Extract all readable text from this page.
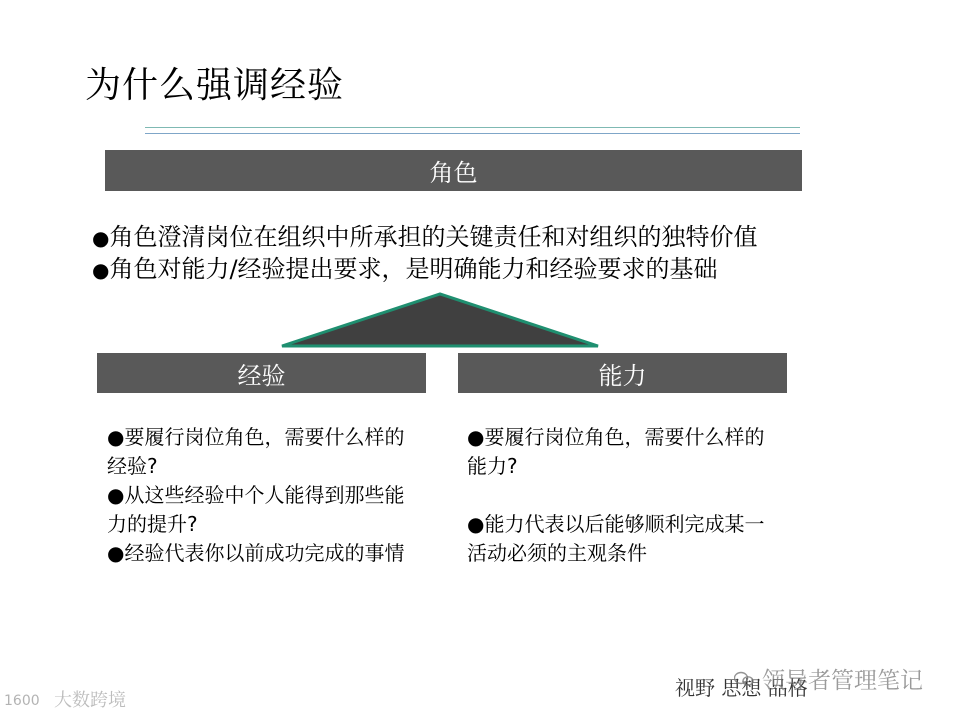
为什么强调经验
角色
●角色澄清岗位在组织中所承担的关键责任和对组织的独特价值
●角色对能力/经验提出要求，是明确能力和经验要求的基础
经验	能力
●要履行岗位角色，需要什么样的经验?
●从这些经验中个人能得到那些能力的提升?
●经验代表你以前成功完成的事情
●要履行岗位角色，需要什么样的能力?
●能力代表以后能够顺利完成某一活动必须的主观条件
视野 思想 品格
领导者管理笔记
1600 大数跨境
